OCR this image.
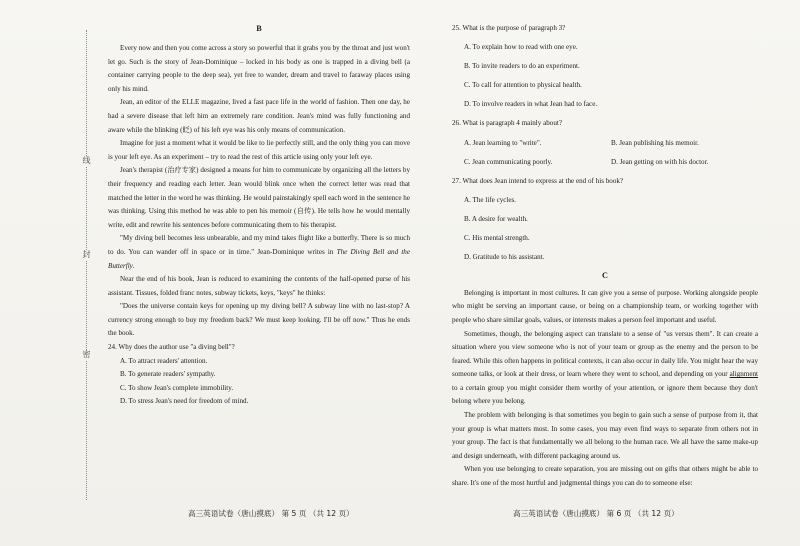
线
封
密
B

Every now and then you come across a story so powerful that it grabs you by the throat and just won't let go. Such is the story of Jean-Dominique – locked in his body as one is trapped in a diving bell (a container carrying people to the deep sea), yet free to wander, dream and travel to faraway places using only his mind.

Jean, an editor of the ELLE magazine, lived a fast pace life in the world of fashion. Then one day, he had a severe disease that left him an extremely rare condition. Jean's mind was fully functioning and aware while the blinking (眨) of his left eye was his only means of communication.

Imagine for just a moment what it would be like to lie perfectly still, and the only thing you can move is your left eye. As an experiment – try to read the rest of this article using only your left eye.

Jean's therapist (治疗专家) designed a means for him to communicate by organizing all the letters by their frequency and reading each letter. Jean would blink once when the correct letter was read that matched the letter in the word he was thinking. He would painstakingly spell each word in the sentence he was thinking. Using this method he was able to pen his memoir (自传). He tells how he would mentally write, edit and rewrite his sentences before communicating them to his therapist.

"My diving bell becomes less unbearable, and my mind takes flight like a butterfly. There is so much to do. You can wander off in space or in time." Jean-Dominique writes in The Diving Bell and the Butterfly.

Near the end of his book, Jean is reduced to examining the contents of the half-opened purse of his assistant. Tissues, folded franc notes, subway tickets, keys, "keys" he thinks:

"Does the universe contain keys for opening up my diving bell? A subway line with no last-stop? A currency strong enough to buy my freedom back? We must keep looking. I'll be off now." Thus he ends the book.

24. Why does the author use "a diving bell"?
A. To attract readers' attention.
B. To generate readers' sympathy.
C. To show Jean's complete immobility.
D. To stress Jean's need for freedom of mind.
25. What is the purpose of paragraph 3?
A. To explain how to read with one eye.
B. To invite readers to do an experiment.
C. To call for attention to physical health.
D. To involve readers in what Jean had to face.
26. What is paragraph 4 mainly about?
A. Jean learning to "write".	B. Jean publishing his memoir.
C. Jean communicating poorly.	D. Jean getting on with his doctor.
27. What does Jean intend to express at the end of his book?
A. The life cycles.
B. A desire for wealth.
C. His mental strength.
D. Gratitude to his assistant.
C

Belonging is important in most cultures. It can give you a sense of purpose. Working alongside people who might be serving an important cause, or being on a championship team, or working together with people who share similar goals, values, or interests makes a person feel important and useful.

Sometimes, though, the belonging aspect can translate to a sense of "us versus them". It can create a situation where you view someone who is not of your team or group as the enemy and the person to be feared. While this often happens in political contexts, it can also occur in daily life. You might hear the way someone talks, or look at their dress, or learn where they went to school, and depending on your alignment to a certain group you might consider them worthy of your attention, or ignore them because they don't belong where you belong.

The problem with belonging is that sometimes you begin to gain such a sense of purpose from it, that your group is what matters most. In some cases, you may even find ways to separate from others not in your group. The fact is that fundamentally we all belong to the human race. We all have the same make-up and design underneath, with different packaging around us.

When you use belonging to create separation, you are missing out on gifts that others might be able to share. It's one of the most hurtful and judgmental things you can do to someone else:

高三英语试卷（唐山摸底） 第 5 页 （共 12 页）	高三英语试卷（唐山摸底） 第 6 页 （共 12 页）
